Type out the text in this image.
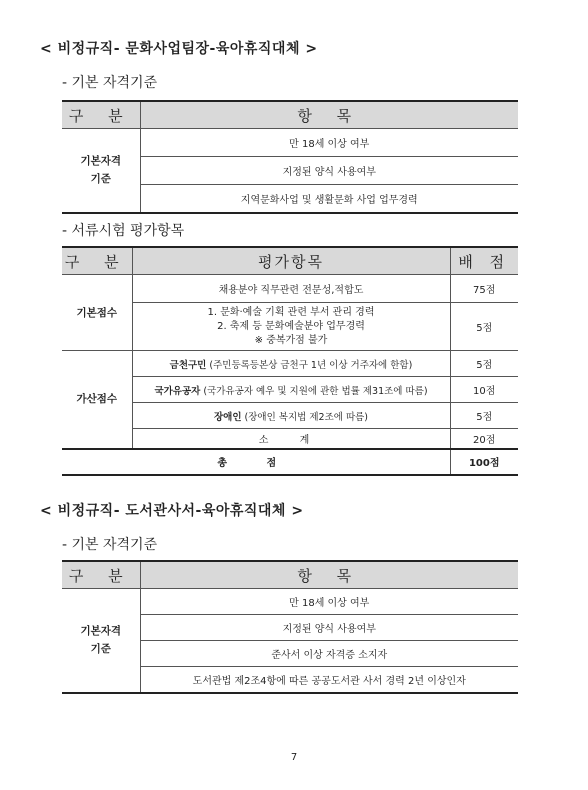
< 비정규직- 문화사업팀장-육아휴직대체 >
- 기본 자격기준
구 분	항 목
기본자격
기준	만 18세 이상 여부
	지정된 양식 사용여부
	지역문화사업 및 생활문화 사업 업무경력
- 서류시험 평가항목
구 분	평가항목	배 점
기본점수	채용분야 직무관련 전문성,적합도	75점

	1. 문화·예술 기획 관련 부서 관리 경력
2. 축제 등 문화예술분야 업무경력
※ 중복가점 불가	5점
가산점수	금천구민 (주민등록등본상 금천구 1년 이상 거주자에 한함)	5점
	국가유공자 (국가유공자 예우 및 지원에 관한 법률 제31조에 따름)	10점
	장애인 (장애인 복지법 제2조에 따름)	5점
	소 계	20점
총 점		100점
< 비정규직- 도서관사서-육아휴직대체 >
- 기본 자격기준
구 분	항 목
기본자격
기준	만 18세 이상 여부
	지정된 양식 사용여부
	준사서 이상 자격증 소지자
	도서관법 제2조4항에 따른 공공도서관 사서 경력 2년 이상인자
7
